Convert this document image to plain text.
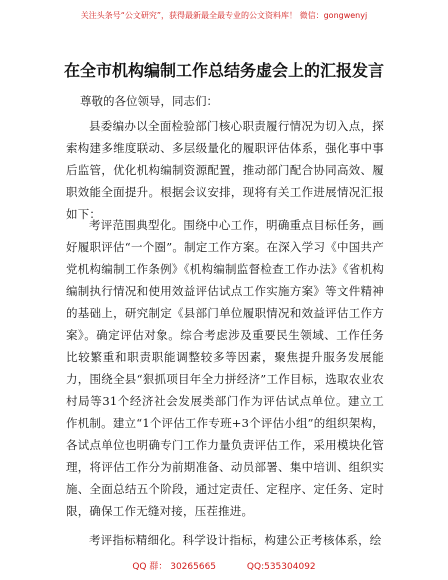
关注头条号“公文研究”，获得最新最全最专业的公文资料库！ 微信：gongwenyj
在全市机构编制工作总结务虚会上的汇报发言
尊敬的各位领导，同志们：
县委编办以全面检验部门核心职责履行情况为切入点，探索构建多维度联动、多层级量化的履职评估体系，强化事中事后监管，优化机构编制资源配置，推动部门配合协同高效、履职效能全面提升。根据会议安排，现将有关工作进展情况汇报如下：
考评范围典型化。围绕中心工作，明确重点目标任务，画好履职评估“一个圈”。制定工作方案。在深入学习《中国共产党机构编制工作条例》《机构编制监督检查工作办法》《省机构编制执行情况和使用效益评估试点工作实施方案》等文件精神的基础上，研究制定《县部门单位履职情况和效益评估工作方案》。确定评估对象。综合考虑涉及重要民生领域、工作任务比较繁重和职责职能调整较多等因素，聚焦提升服务发展能力，围绕全县“狠抓项目年全力拼经济”工作目标，选取农业农村局等31个经济社会发展类部门作为评估试点单位。建立工作机制。建立“1个评估工作专班+3个评估小组”的组织架构，各试点单位也明确专门工作力量负责评估工作，采用模块化管理，将评估工作分为前期准备、动员部署、集中培训、组织实施、全面总结五个阶段，通过定责任、定程序、定任务、定时限，确保工作无缝对接，压茬推进。
考评指标精细化。科学设计指标，构建公正考核体系，绘
QQ 群： 30265665	QQ:535304092
